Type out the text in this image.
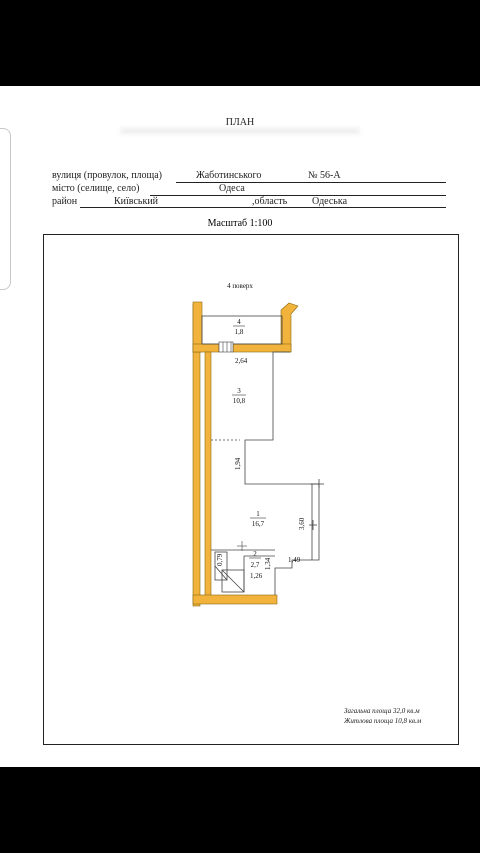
ПЛАН
вулиця (провулок, площа)	Жаботинського	№ 56-А
місто (селище, село)	Одеса
район	Київський	,область Одеська
Масштаб 1:100
4 поверх
4
1,8
3
10,8
1
16,7
2
2,7
2,64
1,94
3,60
1,49
0,79	1,34
1,26
Загальна площа 32,0 кв.м
Житлова площа 10,8 кв.м
